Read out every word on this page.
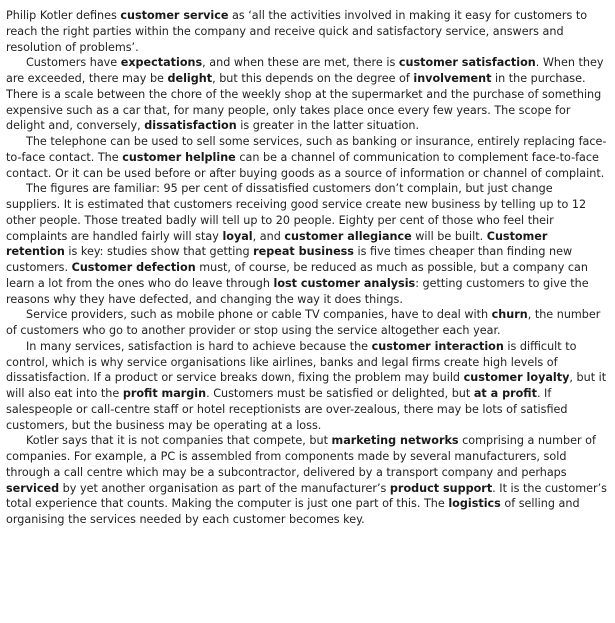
Philip Kotler defines customer service as ‘all the activities involved in making it easy for customers to reach the right parties within the company and receive quick and satisfactory service, answers and resolution of problems’.

Customers have expectations, and when these are met, there is customer satisfaction. When they are exceeded, there may be delight, but this depends on the degree of involvement in the purchase. There is a scale between the chore of the weekly shop at the supermarket and the purchase of something expensive such as a car that, for many people, only takes place once every few years. The scope for delight and, conversely, dissatisfaction is greater in the latter situation.

The telephone can be used to sell some services, such as banking or insurance, entirely replacing face-to-face contact. The customer helpline can be a channel of communication to complement face-to-face contact. Or it can be used before or after buying goods as a source of information or channel of complaint.

The figures are familiar: 95 per cent of dissatisfied customers don’t complain, but just change suppliers. It is estimated that customers receiving good service create new business by telling up to 12 other people. Those treated badly will tell up to 20 people. Eighty per cent of those who feel their complaints are handled fairly will stay loyal, and customer allegiance will be built. Customer retention is key: studies show that getting repeat business is five times cheaper than finding new customers. Customer defection must, of course, be reduced as much as possible, but a company can learn a lot from the ones who do leave through lost customer analysis: getting customers to give the reasons why they have defected, and changing the way it does things.

Service providers, such as mobile phone or cable TV companies, have to deal with churn, the number of customers who go to another provider or stop using the service altogether each year.

In many services, satisfaction is hard to achieve because the customer interaction is difficult to control, which is why service organisations like airlines, banks and legal firms create high levels of dissatisfaction. If a product or service breaks down, fixing the problem may build customer loyalty, but it will also eat into the profit margin. Customers must be satisfied or delighted, but at a profit. If salespeople or call-centre staff or hotel receptionists are over-zealous, there may be lots of satisfied customers, but the business may be operating at a loss.

Kotler says that it is not companies that compete, but marketing networks comprising a number of companies. For example, a PC is assembled from components made by several manufacturers, sold through a call centre which may be a subcontractor, delivered by a transport company and perhaps serviced by yet another organisation as part of the manufacturer’s product support. It is the customer’s total experience that counts. Making the computer is just one part of this. The logistics of selling and organising the services needed by each customer becomes key.
